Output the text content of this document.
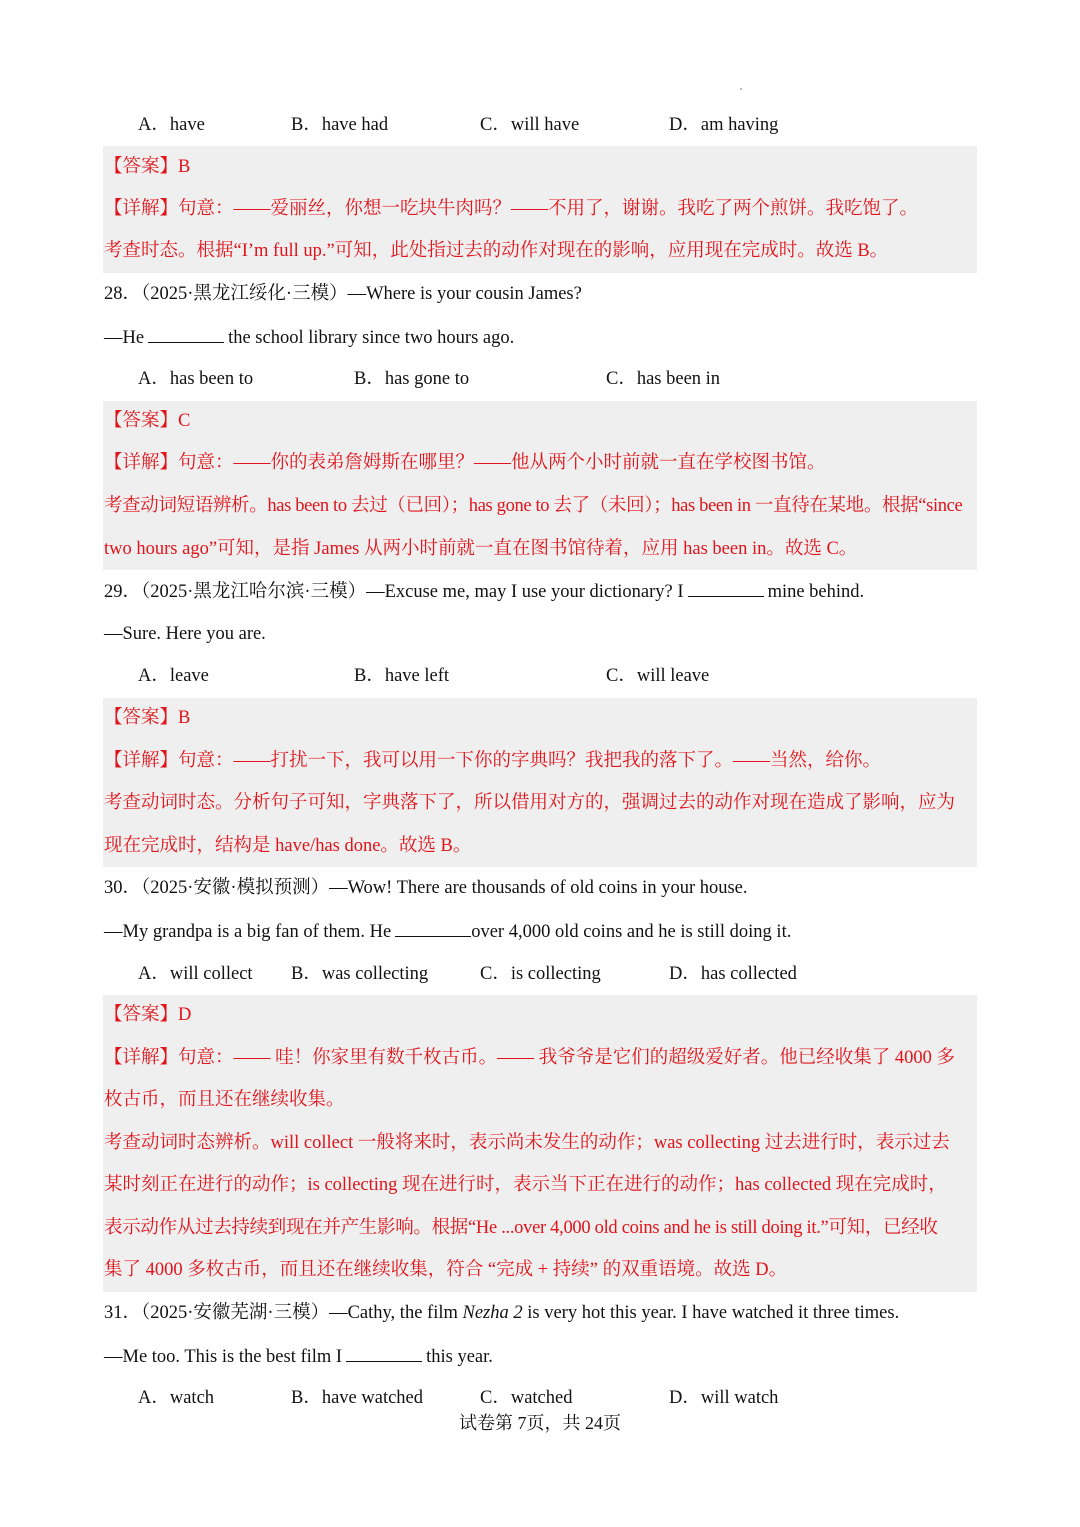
A．have	B．have had	C．will have	D．am having
【答案】B
【详解】句意：——爱丽丝，你想一吃块牛肉吗？——不用了，谢谢。我吃了两个煎饼。我吃饱了。
考查时态。根据“I’m full up.”可知，此处指过去的动作对现在的影响，应用现在完成时。故选 B。
28．（2025·黑龙江绥化·三模）—Where is your cousin James?
—He	the school library since two hours ago.
A．has been to	B．has gone to	C．has been in
【答案】C
【详解】句意：——你的表弟詹姆斯在哪里？——他从两个小时前就一直在学校图书馆。
考查动词短语辨析。has been to 去过（已回）；has gone to 去了（未回）；has been in 一直待在某地。根据“since
two hours ago”可知，是指 James 从两小时前就一直在图书馆待着，应用 has been in。故选 C。
29．（2025·黑龙江哈尔滨·三模）—Excuse me, may I use your dictionary? I	mine behind.
—Sure. Here you are.
A．leave	B．have left	C．will leave
【答案】B
【详解】句意：——打扰一下，我可以用一下你的字典吗？我把我的落下了。——当然，给你。
考查动词时态。分析句子可知，字典落下了，所以借用对方的，强调过去的动作对现在造成了影响，应为
现在完成时，结构是 have/has done。故选 B。
30．（2025·安徽·模拟预测）—Wow! There are thousands of old coins in your house.
—My grandpa is a big fan of them. He	over 4,000 old coins and he is still doing it.
A．will collect B．was collecting	C．is collecting	D．has collected
【答案】D
【详解】句意：—— 哇！你家里有数千枚古币。—— 我爷爷是它们的超级爱好者。他已经收集了 4000 多
枚古币，而且还在继续收集。
考查动词时态辨析。will collect 一般将来时，表示尚未发生的动作；was collecting 过去进行时，表示过去
某时刻正在进行的动作；is collecting 现在进行时，表示当下正在进行的动作；has collected 现在完成时，
表示动作从过去持续到现在并产生影响。根据“He ...over 4,000 old coins and he is still doing it.”可知，已经收
集了 4000 多枚古币，而且还在继续收集，符合 “完成 + 持续” 的双重语境。故选 D。
31．（2025·安徽芜湖·三模）—Cathy, the film Nezha 2 is very hot this year. I have watched it three times.
—Me too. This is the best film I	this year.
A．watch	B．have watched	C．watched	D．will watch
试卷第 7页，共 24页
